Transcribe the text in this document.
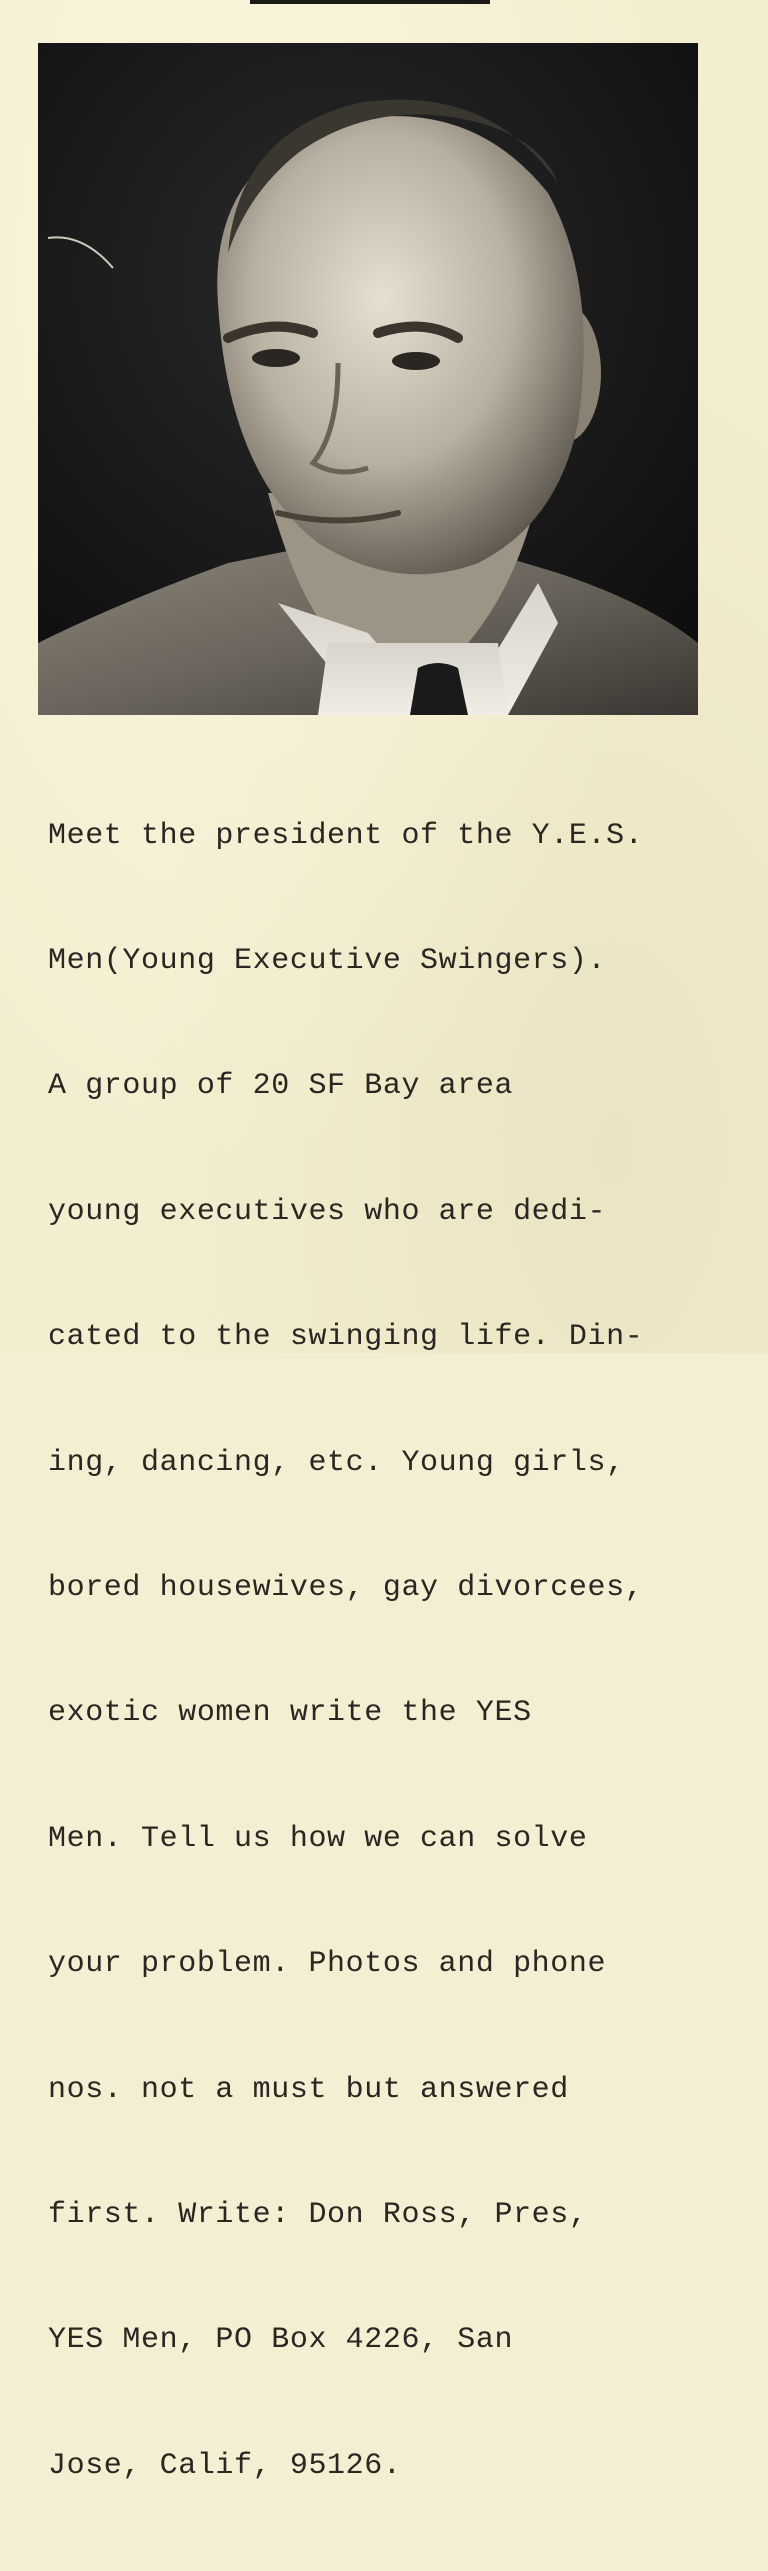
Meet the president of the Y.E.S.

Men(Young Executive Swingers).

A group of 20 SF Bay area

young executives who are dedi-

cated to the swinging life. Din-

ing, dancing, etc. Young girls,

bored housewives, gay divorcees,

exotic women write the YES

Men. Tell us how we can solve

your problem. Photos and phone

nos. not a must but answered

first. Write: Don Ross, Pres,

YES Men, PO Box 4226, San

Jose, Calif, 95126.
